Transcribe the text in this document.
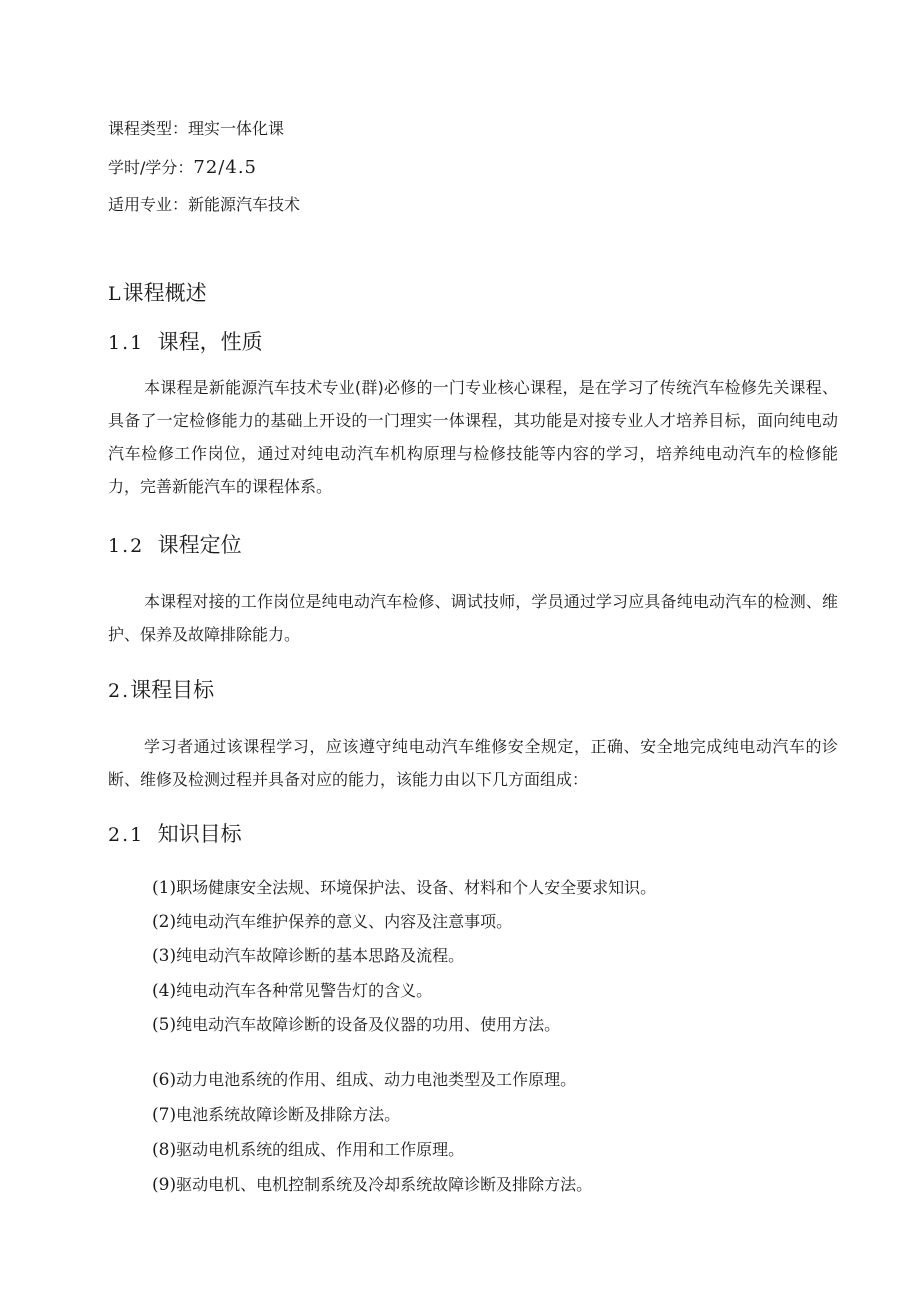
课程类型：理实一体化课
学时/学分：72/4.5
适用专业：新能源汽车技术
L课程概述
1.1 课程，性质

本课程是新能源汽车技术专业(群)必修的一门专业核心课程，是在学习了传统汽车检修先关课程、具备了一定检修能力的基础上开设的一门理实一体课程，其功能是对接专业人才培养目标，面向纯电动汽车检修工作岗位，通过对纯电动汽车机构原理与检修技能等内容的学习，培养纯电动汽车的检修能力，完善新能汽车的课程体系。

1.2 课程定位

本课程对接的工作岗位是纯电动汽车检修、调试技师，学员通过学习应具备纯电动汽车的检测、维护、保养及故障排除能力。

2.课程目标

学习者通过该课程学习，应该遵守纯电动汽车维修安全规定，正确、安全地完成纯电动汽车的诊断、维修及检测过程并具备对应的能力，该能力由以下几方面组成：

2.1 知识目标
(1)职场健康安全法规、环境保护法、设备、材料和个人安全要求知识。
(2)纯电动汽车维护保养的意义、内容及注意事项。
(3)纯电动汽车故障诊断的基本思路及流程。
(4)纯电动汽车各种常见警告灯的含义。
(5)纯电动汽车故障诊断的设备及仪器的功用、使用方法。
(6)动力电池系统的作用、组成、动力电池类型及工作原理。
(7)电池系统故障诊断及排除方法。
(8)驱动电机系统的组成、作用和工作原理。
(9)驱动电机、电机控制系统及冷却系统故障诊断及排除方法。
